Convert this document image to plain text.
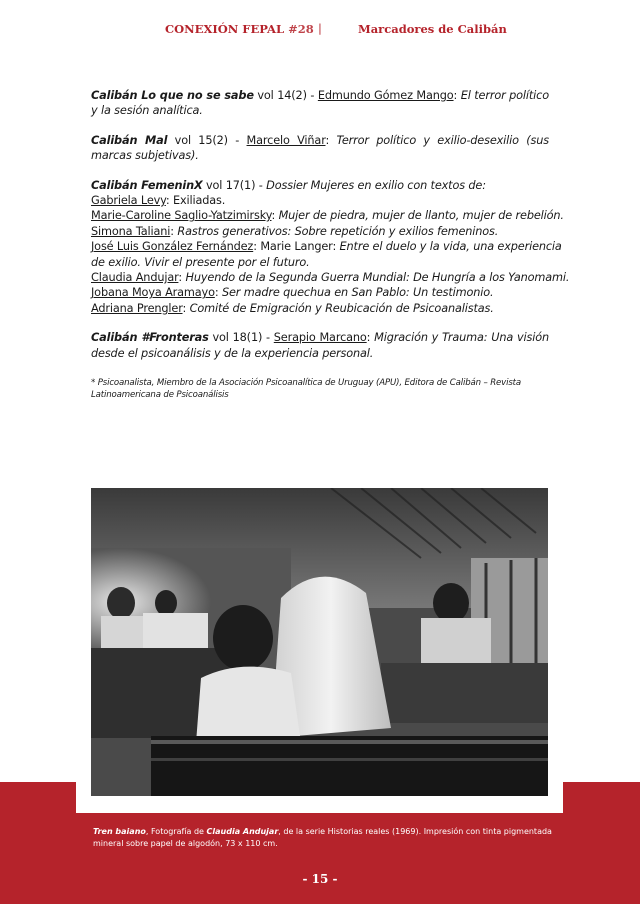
CONEXIÓN FEPAL #28 |	Marcadores de Calibán

Calibán Lo que no se sabe vol 14(2) - Edmundo Gómez Mango: El terror político y la sesión analítica.

Calibán Mal vol 15(2) - Marcelo Viñar: Terror político y exilio-desexilio (sus marcas subjetivas).

Calibán FemeninX vol 17(1) - Dossier Mujeres en exilio con textos de:
Gabriela Levy: Exiliadas.
Marie-Caroline Saglio-Yatzimirsky: Mujer de piedra, mujer de llanto, mujer de rebelión.
Simona Taliani: Rastros generativos: Sobre repetición y exilios femeninos.
José Luis González Fernández: Marie Langer: Entre el duelo y la vida, una experiencia
de exilio. Vivir el presente por el futuro.
Claudia Andujar: Huyendo de la Segunda Guerra Mundial: De Hungría a los Yanomami.
Jobana Moya Aramayo: Ser madre quechua en San Pablo: Un testimonio.
Adriana Prengler: Comité de Emigración y Reubicación de Psicoanalistas.

Calibán #Fronteras vol 18(1) - Serapio Marcano: Migración y Trauma: Una visión desde el psicoanálisis y de la experiencia personal.

* Psicoanalista, Miembro de la Asociación Psicoanalítica de Uruguay (APU), Editora de Calibán – Revista Latinoamericana de Psicoanálisis

Tren baiano, Fotografía de Claudia Andujar, de la serie Historias reales (1969). Impresión con tinta pigmentada mineral sobre papel de algodón, 73 x 110 cm.
- 15 -
